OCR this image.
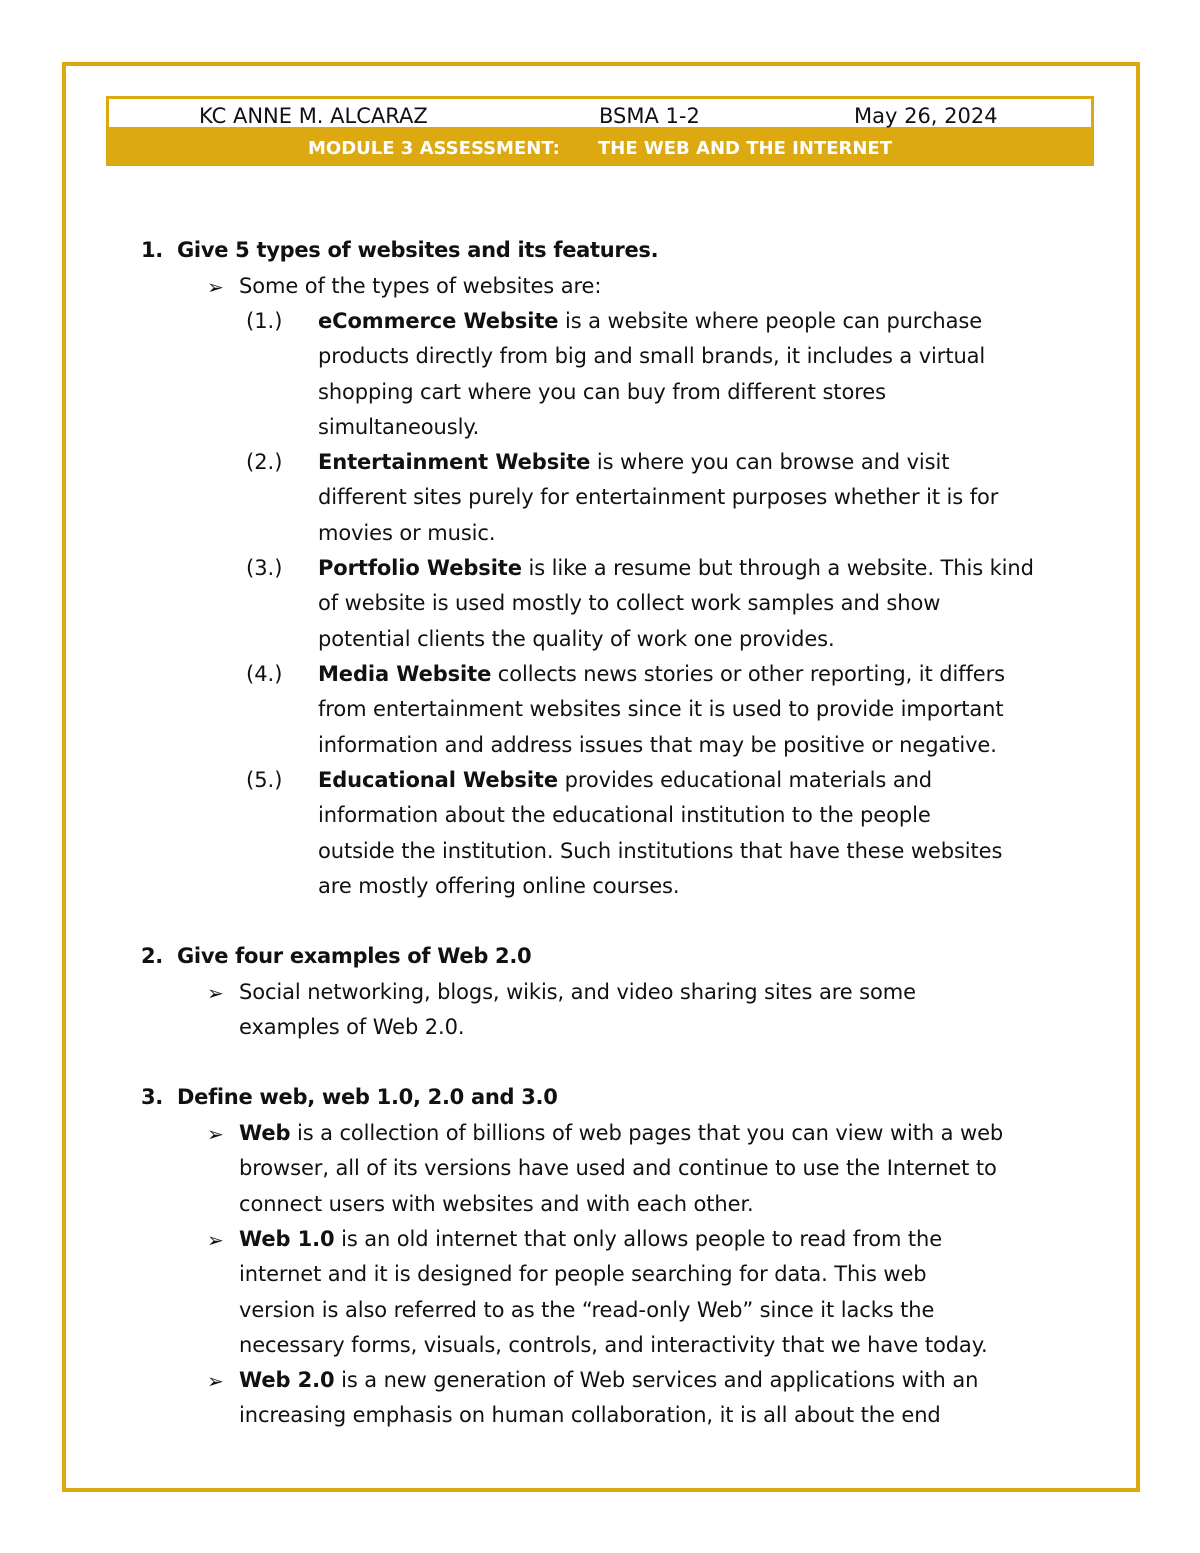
KC ANNE M. ALCARAZ	BSMA 1-2	May 26, 2024
MODULE 3 ASSESSMENT: THE WEB AND THE INTERNET
1. Give 5 types of websites and its features.
➢ Some of the types of websites are:
(1.) eCommerce Website is a website where people can purchase
products directly from big and small brands, it includes a virtual
shopping cart where you can buy from different stores
simultaneously.
(2.) Entertainment Website is where you can browse and visit
different sites purely for entertainment purposes whether it is for
movies or music.
(3.) Portfolio Website is like a resume but through a website. This kind
of website is used mostly to collect work samples and show
potential clients the quality of work one provides.
(4.) Media Website collects news stories or other reporting, it differs
from entertainment websites since it is used to provide important
information and address issues that may be positive or negative.
(5.) Educational Website provides educational materials and
information about the educational institution to the people
outside the institution. Such institutions that have these websites
are mostly offering online courses.
2. Give four examples of Web 2.0
➢ Social networking, blogs, wikis, and video sharing sites are some
examples of Web 2.0.
3. Define web, web 1.0, 2.0 and 3.0
➢ Web is a collection of billions of web pages that you can view with a web
browser, all of its versions have used and continue to use the Internet to
connect users with websites and with each other.
➢ Web 1.0 is an old internet that only allows people to read from the
internet and it is designed for people searching for data. This web
version is also referred to as the “read-only Web” since it lacks the
necessary forms, visuals, controls, and interactivity that we have today.
➢ Web 2.0 is a new generation of Web services and applications with an
increasing emphasis on human collaboration, it is all about the end
